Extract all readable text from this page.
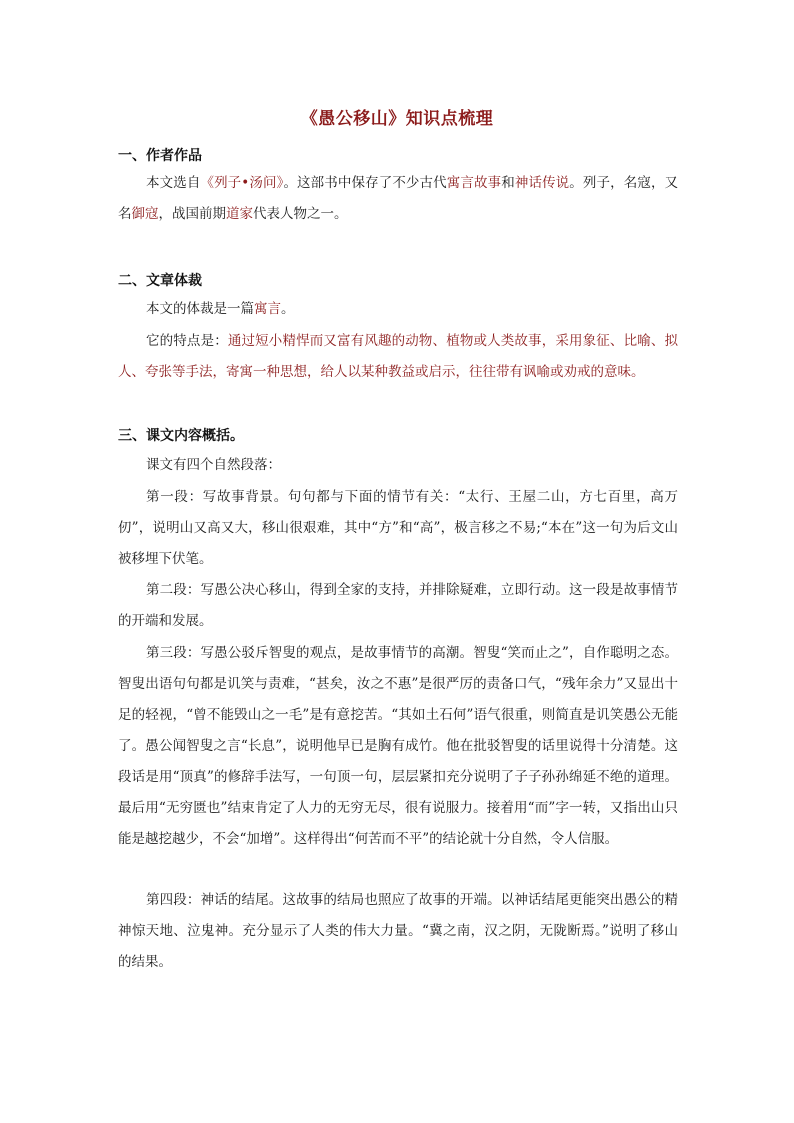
《愚公移山》知识点梳理
一、作者作品

本文选自《列子•汤问》。这部书中保存了不少古代寓言故事和神话传说。列子，名寇，又名御寇，战国前期道家代表人物之一。

二、文章体裁

本文的体裁是一篇寓言。

它的特点是：通过短小精悍而又富有风趣的动物、植物或人类故事，采用象征、比喻、拟人、夸张等手法，寄寓一种思想，给人以某种教益或启示，往往带有讽喻或劝戒的意味。

三、课文内容概括。

课文有四个自然段落：

第一段：写故事背景。句句都与下面的情节有关：“太行、王屋二山，方七百里，高万仞”，说明山又高又大，移山很艰难，其中“方”和“高”，极言移之不易;“本在”这一句为后文山被移埋下伏笔。

第二段：写愚公决心移山，得到全家的支持，并排除疑难，立即行动。这一段是故事情节的开端和发展。

第三段：写愚公驳斥智叟的观点，是故事情节的高潮。智叟“笑而止之”，自作聪明之态。智叟出语句句都是讥笑与责难，“甚矣，汝之不惠”是很严厉的责备口气，“残年余力”又显出十足的轻视，“曾不能毁山之一毛”是有意挖苦。“其如土石何”语气很重，则简直是讥笑愚公无能了。愚公闻智叟之言“长息”，说明他早已是胸有成竹。他在批驳智叟的话里说得十分清楚。这段话是用“顶真”的修辞手法写，一句顶一句，层层紧扣充分说明了子子孙孙绵延不绝的道理。最后用“无穷匮也”结束肯定了人力的无穷无尽，很有说服力。接着用“而”字一转，又指出山只能是越挖越少，不会“加增”。这样得出“何苦而不平”的结论就十分自然，令人信服。

第四段：神话的结尾。这故事的结局也照应了故事的开端。以神话结尾更能突出愚公的精神惊天地、泣鬼神。充分显示了人类的伟大力量。“冀之南，汉之阴，无陇断焉。”说明了移山的结果。
